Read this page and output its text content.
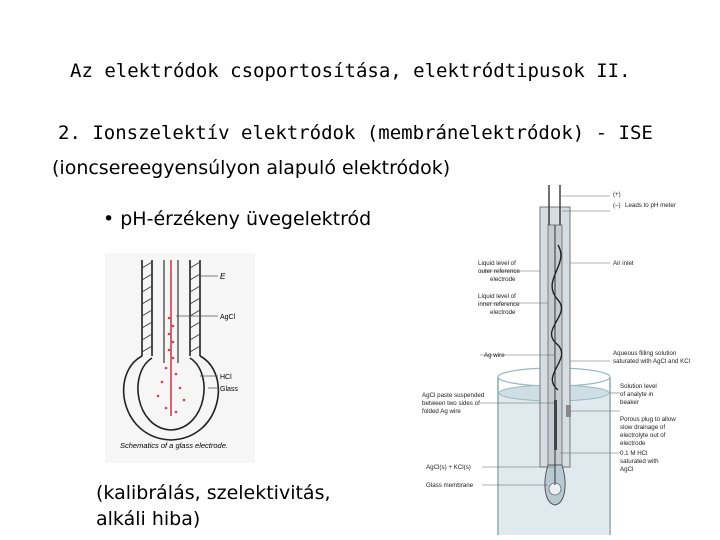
Az elektródok csoportosítása, elektródtipusok II.
2. Ionszelektív elektródok (membránelektródok) - ISE
(ioncsereegyensúlyon alapuló elektródok)
• pH-érzékeny üvegelektród
E
AgCl
HCl
Glass
Schematics of a glass electrode.
(+)
(–) Leads to pH meter
Air inlet
Liquid level of
outer reference
electrode
Liquid level of
inner reference
electrode
Ag wire	Aqueous filling solution
saturated with AgCl and KCl
AgCl paste suspended
between two sides of
folded Ag wire
Solution level
of analyte in
beaker
Porous plug to allow
slow drainage of
electrolyte out of
electrode
0.1 M HCl
saturated with
AgCl
AgCl(s) + KCl(s)
Glass membrane
(kalibrálás, szelektivitás,
alkáli hiba)
